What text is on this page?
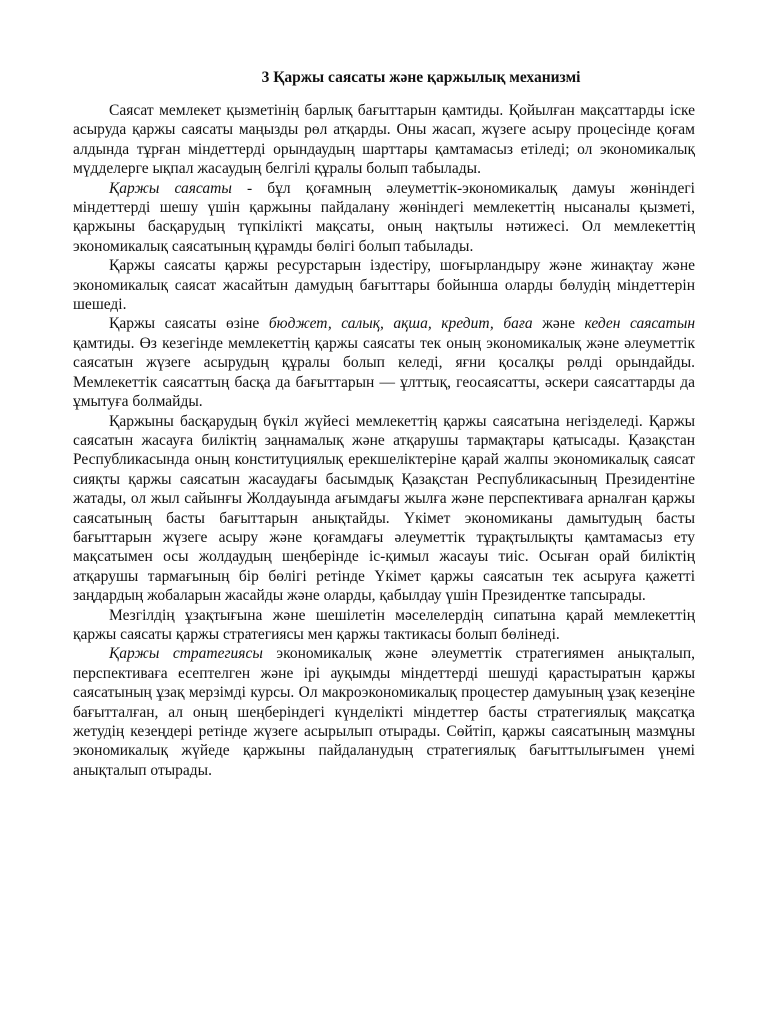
3 Қаржы саясаты және қаржылық механизмі

Саясат мемлекет қызметінің барлық бағыттарын қамтиды. Қойылған мақсаттарды іске асыруда қаржы саясаты маңызды рөл атқарды. Оны жасап, жүзеге асыру процесінде қоғам алдында тұрған міндеттерді орындаудың шарттары қамтамасыз етіледі; ол экономикалық мүдделерге ықпал жасаудың белгілі құралы болып табылады.

Қаржы саясаты - бұл қоғамның әлеуметтік-экономикалық дамуы жөніндегі міндеттерді шешу үшін қаржыны пайдалану жөніндегі мемлекеттің нысаналы қызметі, қаржыны басқарудың түпкілікті мақсаты, оның нақтылы нәтижесі. Ол мемлекеттің экономикалық саясатының құрамды бөлігі болып табылады.

Қаржы саясаты қаржы ресурстарын іздестіру, шоғырландыру және жинақтау және экономикалық саясат жасайтын дамудың бағыттары бойынша оларды бөлудің міндеттерін шешеді.

Қаржы саясаты өзіне бюджет, салық, ақша, кредит, баға және кеден саясатын қамтиды. Өз кезегінде мемлекеттің қаржы саясаты тек оның экономикалық және әлеуметтік саясатын жүзеге асырудың құралы болып келеді, яғни қосалқы рөлді орындайды. Мемлекеттік саясаттың басқа да бағыттарын — ұлттық, геосаясатты, әскери саясаттарды да ұмытуға болмайды.

Қаржыны басқарудың бүкіл жүйесі мемлекеттің қаржы саясатына негізделеді. Қаржы саясатын жасауға биліктің заңнамалық және атқарушы тармақтары қатысады. Қазақстан Республикасында оның конституциялық ерекшеліктеріне қарай жалпы экономикалық саясат сияқты қаржы саясатын жасаудағы басымдық Қазақстан Республикасының Президентіне жатады, ол жыл сайынғы Жолдауында ағымдағы жылға және перспективаға арналған қаржы саясатының басты бағыттарын анықтайды. Үкімет экономиканы дамытудың басты бағыттарын жүзеге асыру және қоғамдағы әлеуметтік тұрақтылықты қамтамасыз ету мақсатымен осы жолдаудың шеңберінде іс-қимыл жасауы тиіс. Осыған орай биліктің атқарушы тармағының бір бөлігі ретінде Үкімет қаржы саясатын тек асыруға қажетті заңдардың жобаларын жасайды және оларды, қабылдау үшін Президентке тапсырады.

Мезгілдің ұзақтығына және шешілетін мәселелердің сипатына қарай мемлекеттің қаржы саясаты қаржы стратегиясы мен қаржы тактикасы болып бөлінеді.

Қаржы стратегиясы экономикалық және әлеуметтік стратегиямен анықталып, перспективаға есептелген және ірі ауқымды міндеттерді шешуді қарастыратын қаржы саясатының ұзақ мерзімді курсы. Ол макроэкономикалық процестер дамуының ұзақ кезеңіне бағытталған, ал оның шеңберіндегі күнделікті міндеттер басты стратегиялық мақсатқа жетудің кезеңдері ретінде жүзеге асырылып отырады. Сөйтіп, қаржы саясатының мазмұны экономикалық жүйеде қаржыны пайдаланудың стратегиялық бағыттылығымен үнемі анықталып отырады.
